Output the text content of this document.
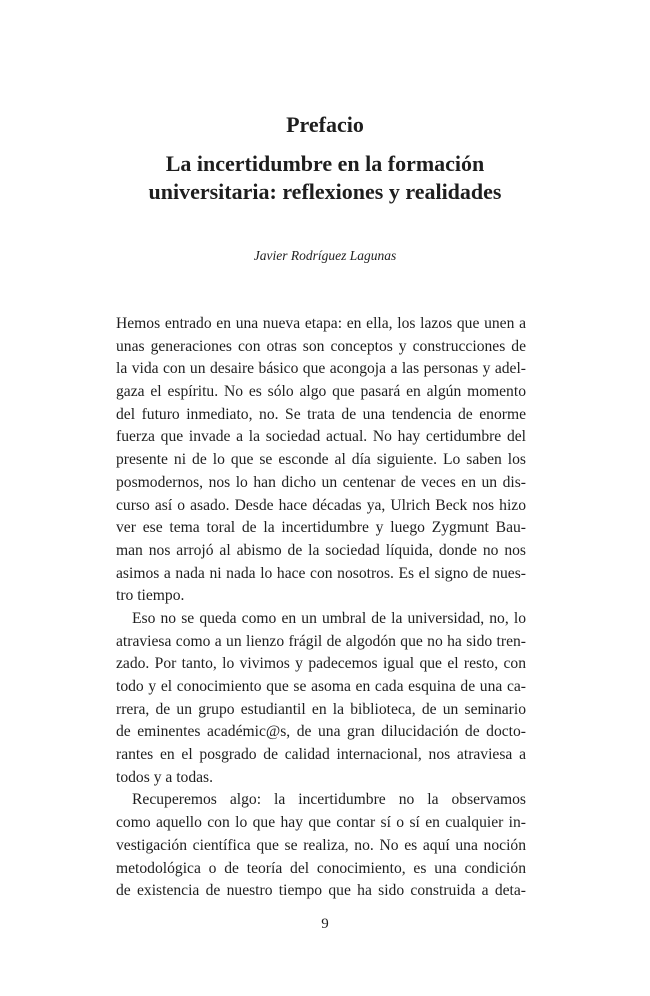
Prefacio
La incertidumbre en la formación
universitaria: reflexiones y realidades
Javier Rodríguez Lagunas
Hemos entrado en una nueva etapa: en ella, los lazos que unen a
unas generaciones con otras son conceptos y construcciones de
la vida con un desaire básico que acongoja a las personas y adel-
gaza el espíritu. No es sólo algo que pasará en algún momento
del futuro inmediato, no. Se trata de una tendencia de enorme
fuerza que invade a la sociedad actual. No hay certidumbre del
presente ni de lo que se esconde al día siguiente. Lo saben los
posmodernos, nos lo han dicho un centenar de veces en un dis-
curso así o asado. Desde hace décadas ya, Ulrich Beck nos hizo
ver ese tema toral de la incertidumbre y luego Zygmunt Bau-
man nos arrojó al abismo de la sociedad líquida, donde no nos
asimos a nada ni nada lo hace con nosotros. Es el signo de nues-
tro tiempo.
Eso no se queda como en un umbral de la universidad, no, lo
atraviesa como a un lienzo frágil de algodón que no ha sido tren-
zado. Por tanto, lo vivimos y padecemos igual que el resto, con
todo y el conocimiento que se asoma en cada esquina de una ca-
rrera, de un grupo estudiantil en la biblioteca, de un seminario
de eminentes académic@s, de una gran dilucidación de docto-
rantes en el posgrado de calidad internacional, nos atraviesa a
todos y a todas.
Recuperemos algo: la incertidumbre no la observamos
como aquello con lo que hay que contar sí o sí en cualquier in-
vestigación científica que se realiza, no. No es aquí una noción
metodológica o de teoría del conocimiento, es una condición
de existencia de nuestro tiempo que ha sido construida a deta-
9
